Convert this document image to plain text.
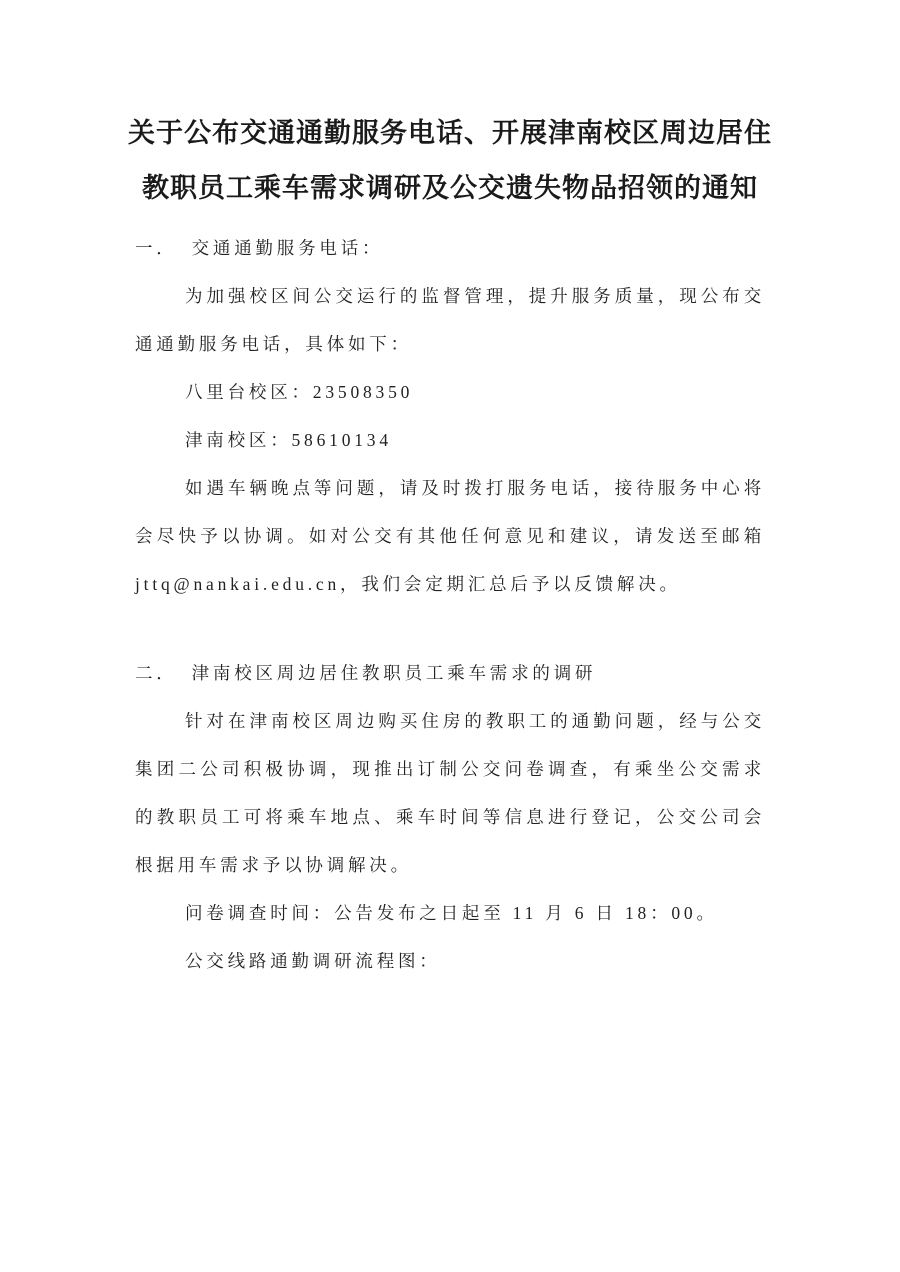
关于公布交通通勤服务电话、开展津南校区周边居住
教职员工乘车需求调研及公交遗失物品招领的通知
一． 交通通勤服务电话：

为加强校区间公交运行的监督管理，提升服务质量，现公布交通通勤服务电话，具体如下：

八里台校区：23508350
津南校区：58610134

如遇车辆晚点等问题，请及时拨打服务电话，接待服务中心将会尽快予以协调。如对公交有其他任何意见和建议，请发送至邮箱jttq@nankai.edu.cn，我们会定期汇总后予以反馈解决。

二． 津南校区周边居住教职员工乘车需求的调研

针对在津南校区周边购买住房的教职工的通勤问题，经与公交集团二公司积极协调，现推出订制公交问卷调查，有乘坐公交需求的教职员工可将乘车地点、乘车时间等信息进行登记，公交公司会根据用车需求予以协调解决。

问卷调查时间：公告发布之日起至 11 月 6 日 18：00。
公交线路通勤调研流程图：
